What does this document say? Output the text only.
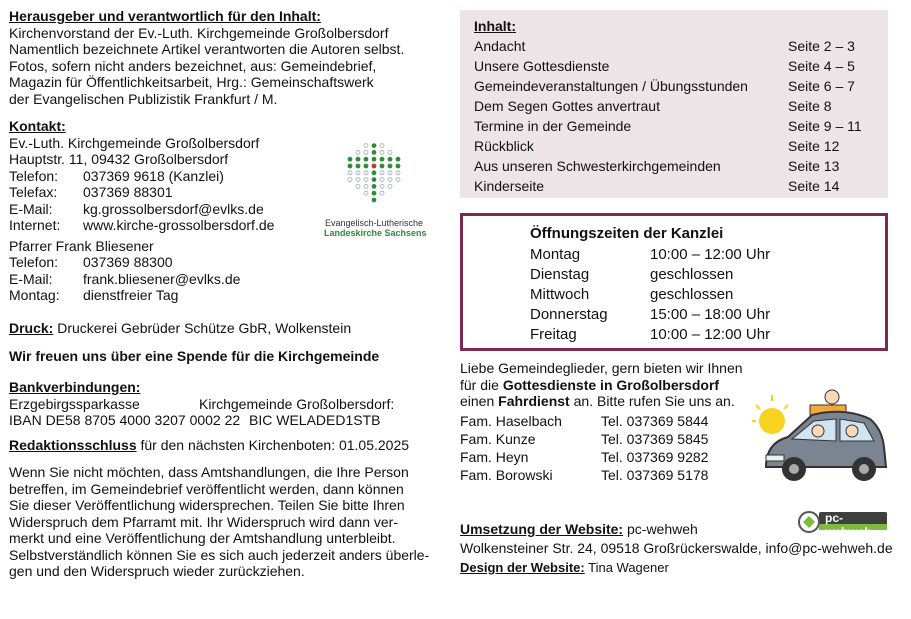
Herausgeber und verantwortlich für den Inhalt:
Kirchenvorstand der Ev.-Luth. Kirchgemeinde Großolbersdorf
Namentlich bezeichnete Artikel verantworten die Autoren selbst.
Fotos, sofern nicht anders bezeichnet, aus: Gemeindebrief,
Magazin für Öffentlichkeitsarbeit, Hrg.: Gemeinschaftswerk
der Evangelischen Publizistik Frankfurt / M.
Kontakt:
Ev.-Luth. Kirchgemeinde Großolbersdorf
Hauptstr. 11, 09432 Großolbersdorf
Telefon: 037369 9618 (Kanzlei)
Telefax: 037369 88301
E-Mail: kg.grossolbersdorf@evlks.de
Internet: www.kirche-grossolbersdorf.de
Pfarrer Frank Bliesener
Telefon: 037369 88300
E-Mail: frank.bliesener@evlks.de
Montag: dienstfreier Tag
Evangelisch-Lutherische
Landeskirche Sachsens
Druck: Druckerei Gebrüder Schütze GbR, Wolkenstein
Wir freuen uns über eine Spende für die Kirchgemeinde
Bankverbindungen:
Erzgebirgssparkasse	Kirchgemeinde Großolbersdorf:
IBAN DE58 8705 4000 3207 0002 22 BIC WELADED1STB
Redaktionsschluss für den nächsten Kirchenboten: 01.05.2025
Wenn Sie nicht möchten, dass Amtshandlungen, die Ihre Person
betreffen, im Gemeindebrief veröffentlicht werden, dann können
Sie dieser Veröffentlichung widersprechen. Teilen Sie bitte Ihren
Widerspruch dem Pfarramt mit. Ihr Widerspruch wird dann ver-
merkt und eine Veröffentlichung der Amtshandlung unterbleibt.
Selbstverständlich können Sie es sich auch jederzeit anders überle-
gen und den Widerspruch wieder zurückziehen.
Inhalt:
Andacht	Seite 2 – 3
Unsere Gottesdienste	Seite 4 – 5
Gemeindeveranstaltungen / Übungsstunden	Seite 6 – 7
Dem Segen Gottes anvertraut	Seite 8
Termine in der Gemeinde	Seite 9 – 11
Rückblick	Seite 12
Aus unseren Schwesterkirchgemeinden	Seite 13
Kinderseite	Seite 14
Öffnungszeiten der Kanzlei
Montag	10:00 – 12:00 Uhr
Dienstag	geschlossen
Mittwoch	geschlossen
Donnerstag	15:00 – 18:00 Uhr
Freitag	10:00 – 12:00 Uhr
Liebe Gemeindeglieder, gern bieten wir Ihnen
für die Gottesdienste in Großolbersdorf
einen Fahrdienst an. Bitte rufen Sie uns an.
Fam. Haselbach	Tel. 037369 5844
Fam. Kunze	Tel. 037369 5845
Fam. Heyn	Tel. 037369 9282
Fam. Borowski	Tel. 037369 5178
pc-wehweh
Umsetzung der Website: pc-wehweh
Wolkensteiner Str. 24, 09518 Großrückerswalde, info@pc-wehweh.de
Design der Website: Tina Wagener
